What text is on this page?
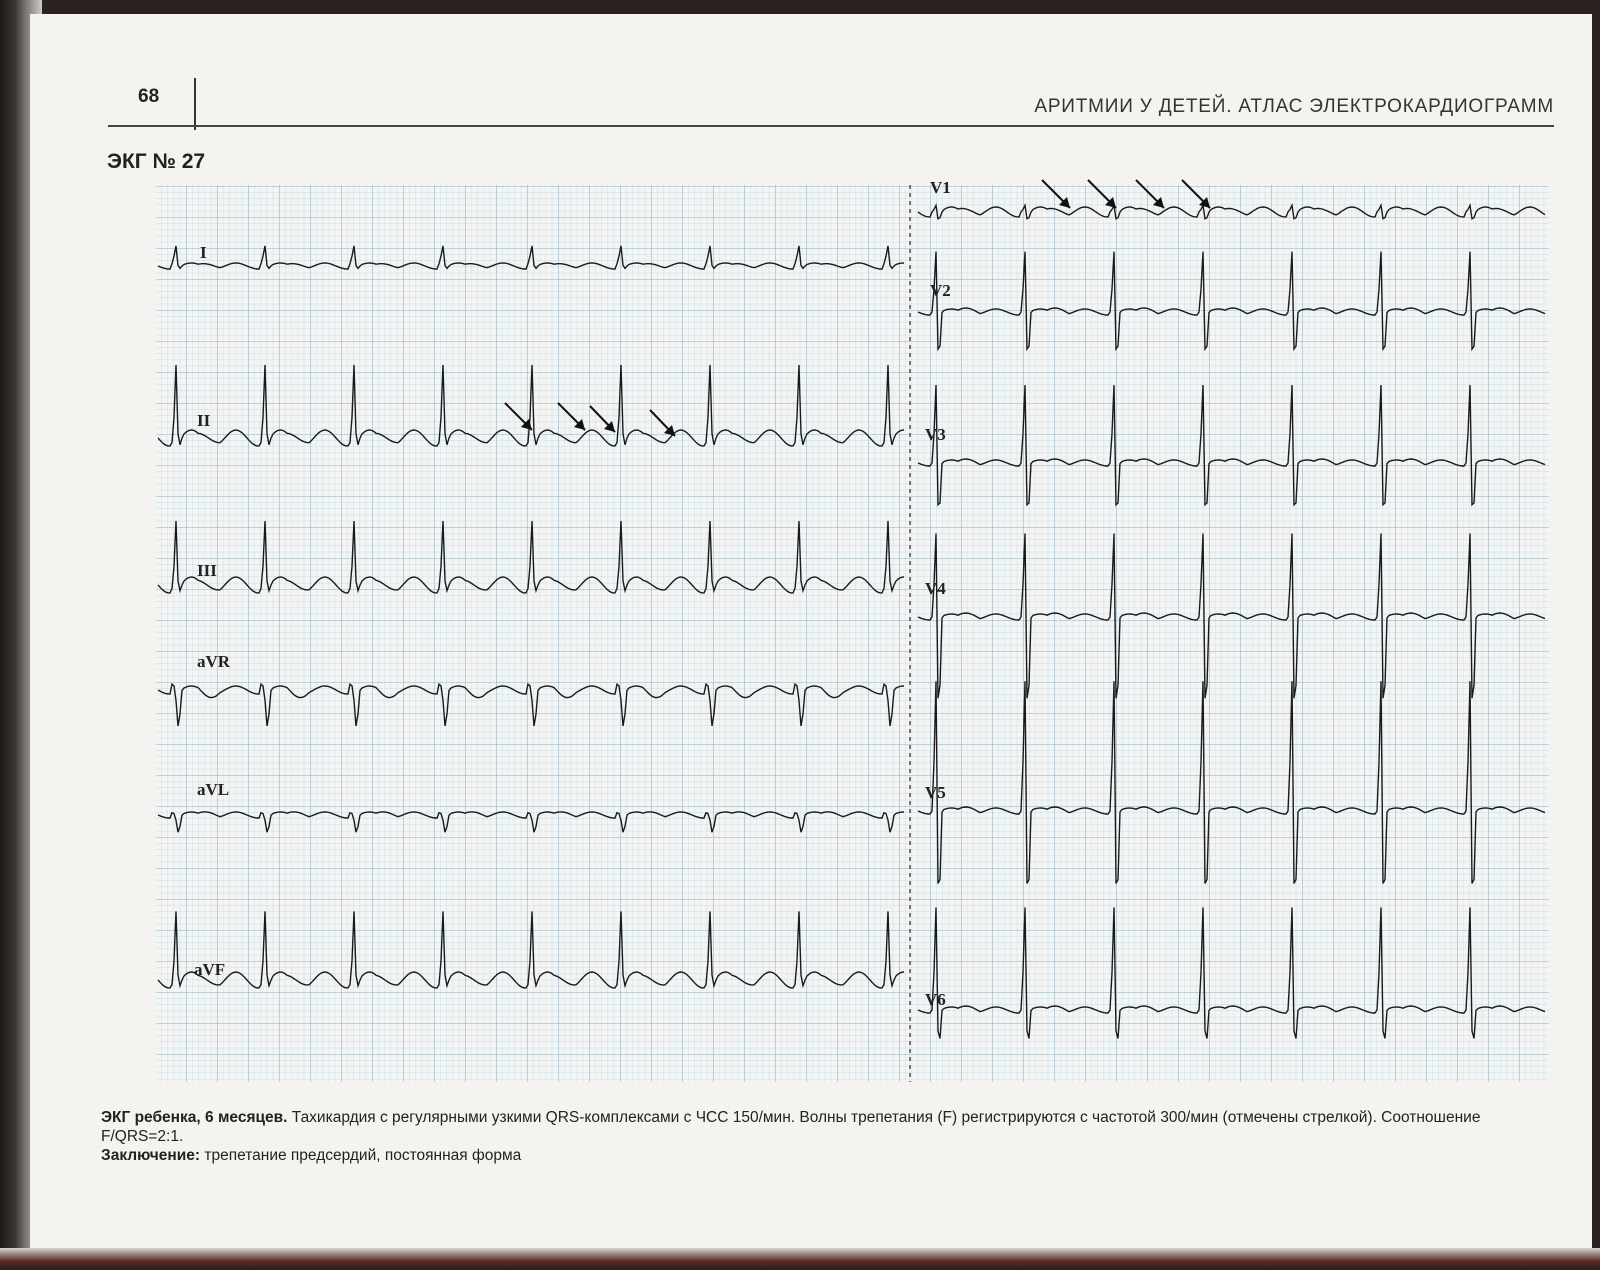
68	АРИТМИИ У ДЕТЕЙ. АТЛАС ЭЛЕКТРОКАРДИОГРАММ
ЭКГ № 27
I
II
III
aVR
aVL
aVF
V1
V2
V3
V4
V5
V6
ЭКГ ребенка, 6 месяцев. Тахикардия с регулярными узкими QRS-комплексами с ЧСС 150/мин. Волны трепетания (F) регистрируются с частотой 300/мин (отмечены стрелкой). Соотношение F/QRS=2:1.
Заключение: трепетание предсердий, постоянная форма
